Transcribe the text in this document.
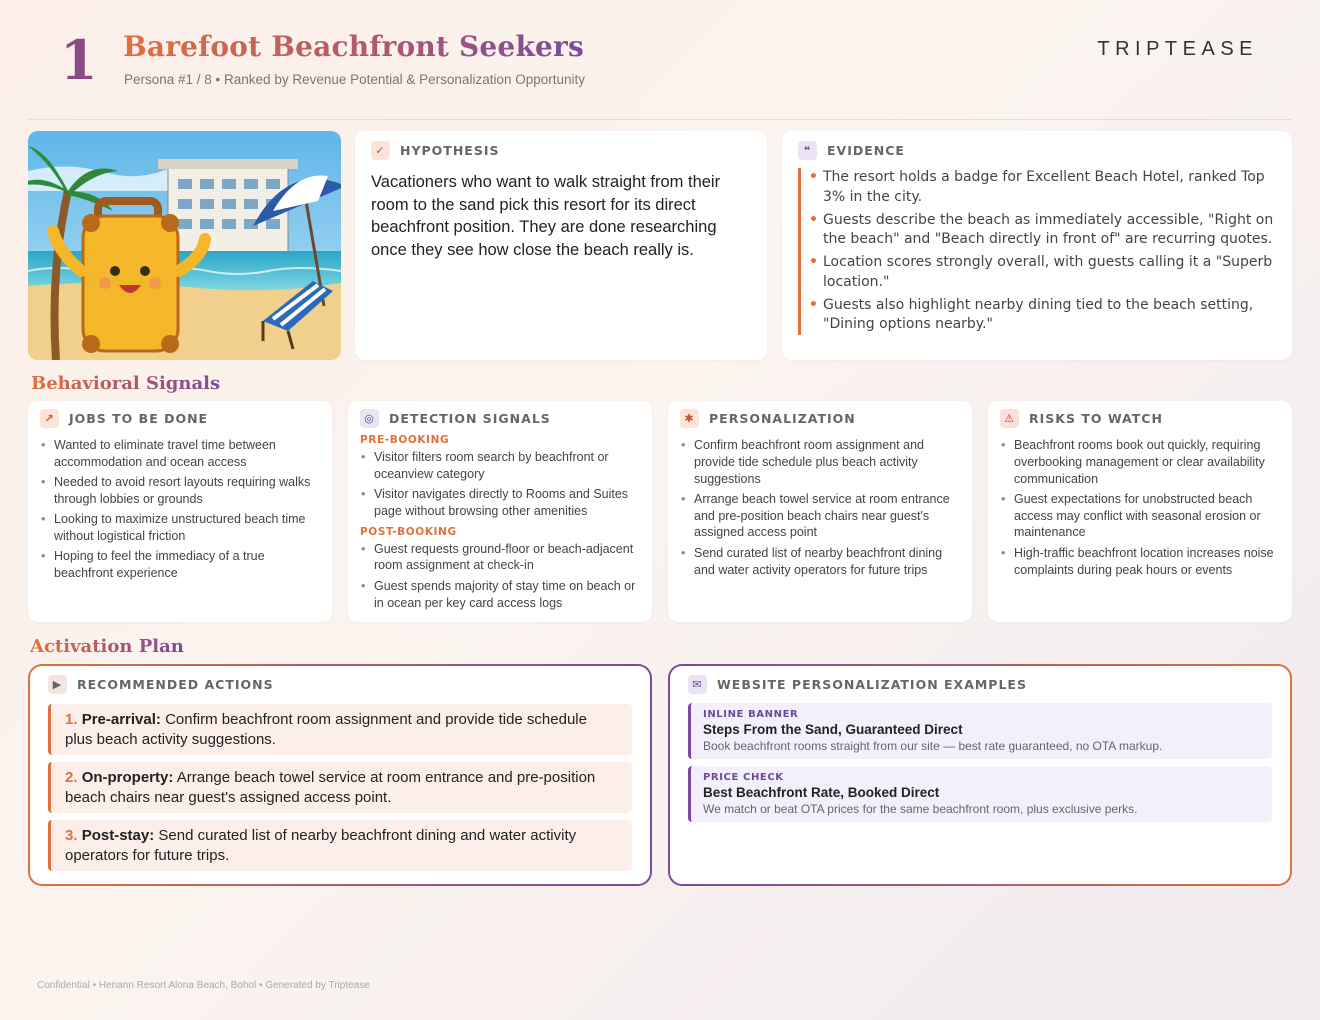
1 Barefoot Beachfront Seekers
Persona #1 / 8 • Ranked by Revenue Potential & Personalization Opportunity
TRIPTEASE
✓	HYPOTHESIS
Vacationers who want to walk straight from their room to the sand pick this resort for its direct beachfront position. They are done researching once they see how close the beach really is.
❝	EVIDENCE
• The resort holds a badge for Excellent Beach Hotel, ranked Top 3% in the city.
• Guests describe the beach as immediately accessible, "Right on the beach" and "Beach directly in front of" are recurring quotes.
• Location scores strongly overall, with guests calling it a "Superb location."
• Guests also highlight nearby dining tied to the beach setting, "Dining options nearby."
Behavioral Signals
↗	JOBS TO BE DONE
• Wanted to eliminate travel time between accommodation and ocean access
• Needed to avoid resort layouts requiring walks through lobbies or grounds
• Looking to maximize unstructured beach time without logistical friction
• Hoping to feel the immediacy of a true beachfront experience
◎	DETECTION SIGNALS
PRE-BOOKING
• Visitor filters room search by beachfront or oceanview category
• Visitor navigates directly to Rooms and Suites page without browsing other amenities
POST-BOOKING
• Guest requests ground-floor or beach-adjacent room assignment at check-in
• Guest spends majority of stay time on beach or in ocean per key card access logs
✱	PERSONALIZATION
• Confirm beachfront room assignment and provide tide schedule plus beach activity suggestions
• Arrange beach towel service at room entrance and pre-position beach chairs near guest's assigned access point
• Send curated list of nearby beachfront dining and water activity operators for future trips
⚠	RISKS TO WATCH
• Beachfront rooms book out quickly, requiring overbooking management or clear availability communication
• Guest expectations for unobstructed beach access may conflict with seasonal erosion or maintenance
• High-traffic beachfront location increases noise complaints during peak hours or events
Activation Plan
▶	RECOMMENDED ACTIONS
1. Pre-arrival: Confirm beachfront room assignment and provide tide schedule plus beach activity suggestions.
2. On-property: Arrange beach towel service at room entrance and pre-position beach chairs near guest's assigned access point.
3. Post-stay: Send curated list of nearby beachfront dining and water activity operators for future trips.
✉	WEBSITE PERSONALIZATION EXAMPLES
INLINE BANNER
Steps From the Sand, Guaranteed Direct
Book beachfront rooms straight from our site — best rate guaranteed, no OTA markup.
PRICE CHECK
Best Beachfront Rate, Booked Direct
We match or beat OTA prices for the same beachfront room, plus exclusive perks.
Confidential • Henann Resort Alona Beach, Bohol • Generated by Triptease
